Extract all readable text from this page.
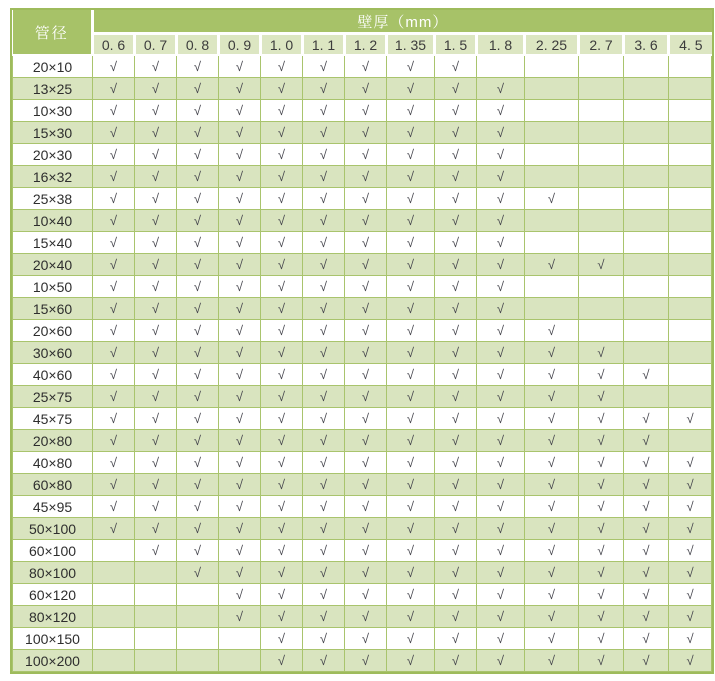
管径	壁厚（mm）													
	0. 6	0. 7	0. 8	0. 9	1. 0	1. 1	1. 2	1. 35	1. 5	1. 8	2. 25	2. 7	3. 6	4. 5
20×10	√	√	√	√	√	√	√	√	√					
13×25	√	√	√	√	√	√	√	√	√	√				
10×30	√	√	√	√	√	√	√	√	√	√				
15×30	√	√	√	√	√	√	√	√	√	√				
20×30	√	√	√	√	√	√	√	√	√	√				
16×32	√	√	√	√	√	√	√	√	√	√				
25×38	√	√	√	√	√	√	√	√	√	√	√			
10×40	√	√	√	√	√	√	√	√	√	√				
15×40	√	√	√	√	√	√	√	√	√	√				
20×40	√	√	√	√	√	√	√	√	√	√	√	√		
10×50	√	√	√	√	√	√	√	√	√	√				
15×60	√	√	√	√	√	√	√	√	√	√				
20×60	√	√	√	√	√	√	√	√	√	√	√			
30×60	√	√	√	√	√	√	√	√	√	√	√	√		
40×60	√	√	√	√	√	√	√	√	√	√	√	√	√	
25×75	√	√	√	√	√	√	√	√	√	√	√	√		
45×75	√	√	√	√	√	√	√	√	√	√	√	√	√	√
20×80	√	√	√	√	√	√	√	√	√	√	√	√	√	
40×80	√	√	√	√	√	√	√	√	√	√	√	√	√	√
60×80	√	√	√	√	√	√	√	√	√	√	√	√	√	√
45×95	√	√	√	√	√	√	√	√	√	√	√	√	√	√
50×100	√	√	√	√	√	√	√	√	√	√	√	√	√	√
60×100		√	√	√	√	√	√	√	√	√	√	√	√	√
80×100			√	√	√	√	√	√	√	√	√	√	√	√
60×120				√	√	√	√	√	√	√	√	√	√	√
80×120				√	√	√	√	√	√	√	√	√	√	√
100×150					√	√	√	√	√	√	√	√	√	√
100×200					√	√	√	√	√	√	√	√	√	√
